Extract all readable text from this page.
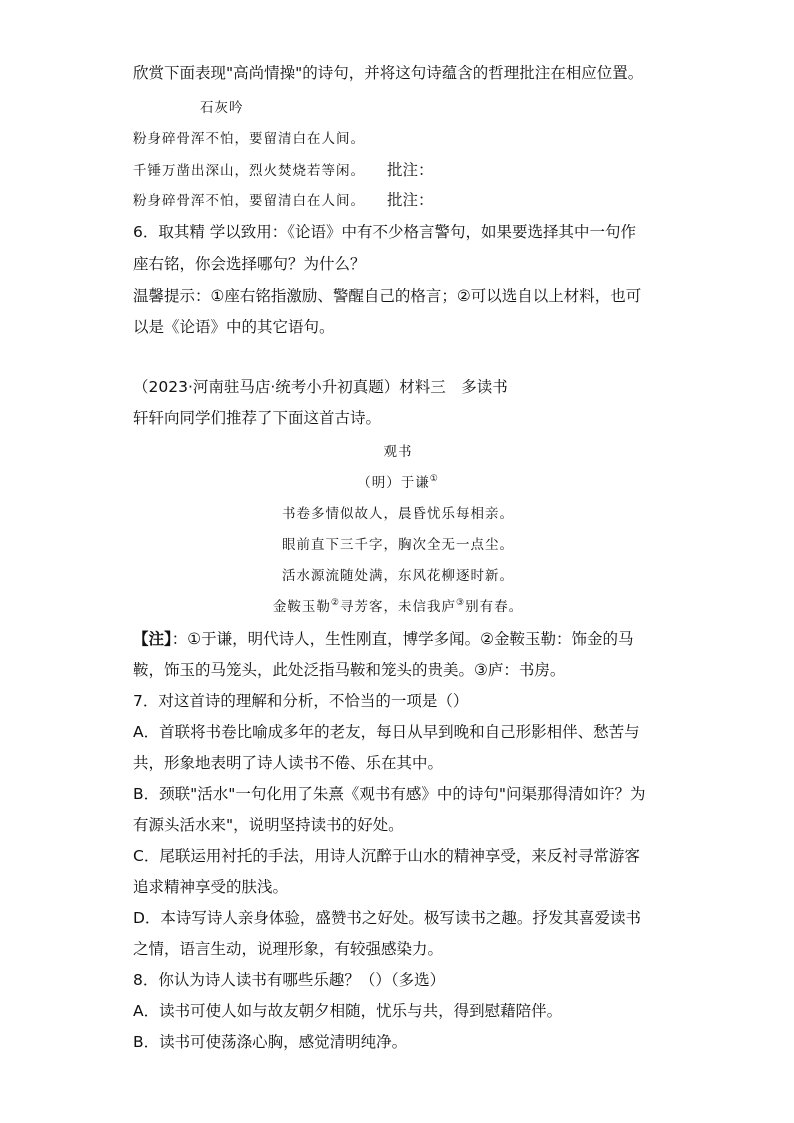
欣赏下面表现"高尚情操"的诗句，并将这句诗蕴含的哲理批注在相应位置。
石灰吟
粉身碎骨浑不怕，要留清白在人间。
千锤万凿出深山，烈火焚烧若等闲。 批注：
粉身碎骨浑不怕，要留清白在人间。 批注：
6．取其精 学以致用：《论语》中有不少格言警句，如果要选择其中一句作
座右铭，你会选择哪句？为什么？
温馨提示：①座右铭指激励、警醒自己的格言；②可以选自以上材料，也可
以是《论语》中的其它语句。
（2023·河南驻马店·统考小升初真题）材料三　多读书
轩轩向同学们推荐了下面这首古诗。
观书
（明）于谦①
书卷多情似故人，晨昏忧乐每相亲。
眼前直下三千字，胸次全无一点尘。
活水源流随处满，东风花柳逐时新。
金鞍玉勒②寻芳客，未信我庐③别有春。
【注】：①于谦，明代诗人，生性刚直，博学多闻。②金鞍玉勒：饰金的马
鞍，饰玉的马笼头，此处泛指马鞍和笼头的贵美。③庐：书房。
7．对这首诗的理解和分析，不恰当的一项是（）
A．首联将书卷比喻成多年的老友，每日从早到晚和自己形影相伴、愁苦与
共，形象地表明了诗人读书不倦、乐在其中。
B．颈联"活水"一句化用了朱熹《观书有感》中的诗句"问渠那得清如许？为
有源头活水来"，说明坚持读书的好处。
C．尾联运用衬托的手法，用诗人沉醉于山水的精神享受，来反衬寻常游客
追求精神享受的肤浅。
D．本诗写诗人亲身体验，盛赞书之好处。极写读书之趣。抒发其喜爱读书
之情，语言生动，说理形象，有较强感染力。
8．你认为诗人读书有哪些乐趣？（）（多选）
A．读书可使人如与故友朝夕相随，忧乐与共，得到慰藉陪伴。
B．读书可使荡涤心胸，感觉清明纯净。
